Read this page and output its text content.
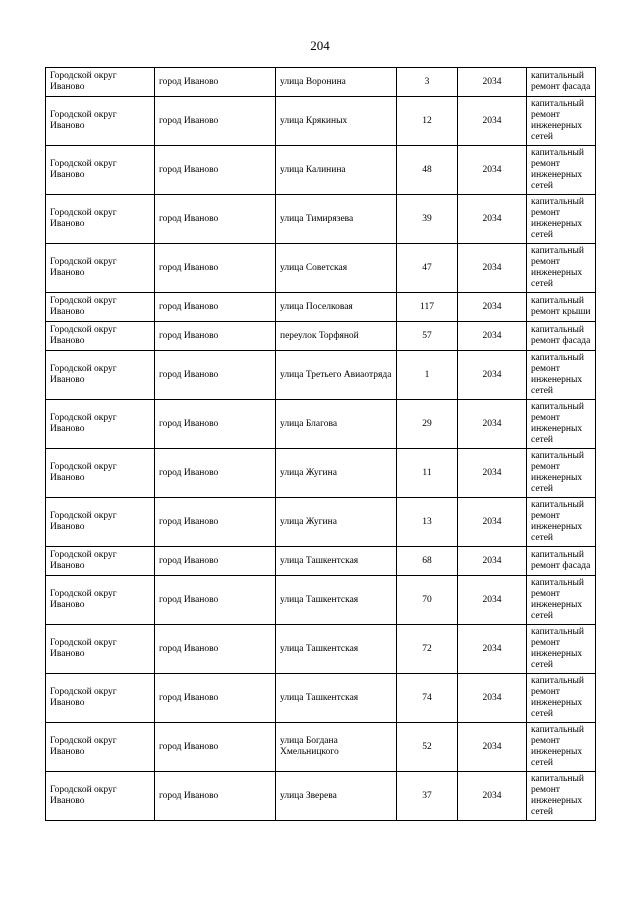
204
Городской округ Иваново	город Иваново	улица Воронина	3	2034	капитальный ремонт фасада
Городской округ Иваново	город Иваново	улица Крякиных	12	2034	капитальный ремонт инженерных сетей
Городской округ Иваново	город Иваново	улица Калинина	48	2034	капитальный ремонт инженерных сетей
Городской округ Иваново	город Иваново	улица Тимирязева	39	2034	капитальный ремонт инженерных сетей
Городской округ Иваново	город Иваново	улица Советская	47	2034	капитальный ремонт инженерных сетей
Городской округ Иваново	город Иваново	улица Поселковая	117	2034	капитальный ремонт крыши
Городской округ Иваново	город Иваново	переулок Торфяной	57	2034	капитальный ремонт фасада
Городской округ Иваново	город Иваново	улица Третьего Авиаотряда	1	2034	капитальный ремонт инженерных сетей
Городской округ Иваново	город Иваново	улица Благова	29	2034	капитальный ремонт инженерных сетей
Городской округ Иваново	город Иваново	улица Жугина	11	2034	капитальный ремонт инженерных сетей
Городской округ Иваново	город Иваново	улица Жугина	13	2034	капитальный ремонт инженерных сетей
Городской округ Иваново	город Иваново	улица Ташкентская	68	2034	капитальный ремонт фасада
Городской округ Иваново	город Иваново	улица Ташкентская	70	2034	капитальный ремонт инженерных сетей
Городской округ Иваново	город Иваново	улица Ташкентская	72	2034	капитальный ремонт инженерных сетей
Городской округ Иваново	город Иваново	улица Ташкентская	74	2034	капитальный ремонт инженерных сетей
Городской округ Иваново	город Иваново	улица Богдана Хмельницкого	52	2034	капитальный ремонт инженерных сетей
Городской округ Иваново	город Иваново	улица Зверева	37	2034	капитальный ремонт инженерных сетей
